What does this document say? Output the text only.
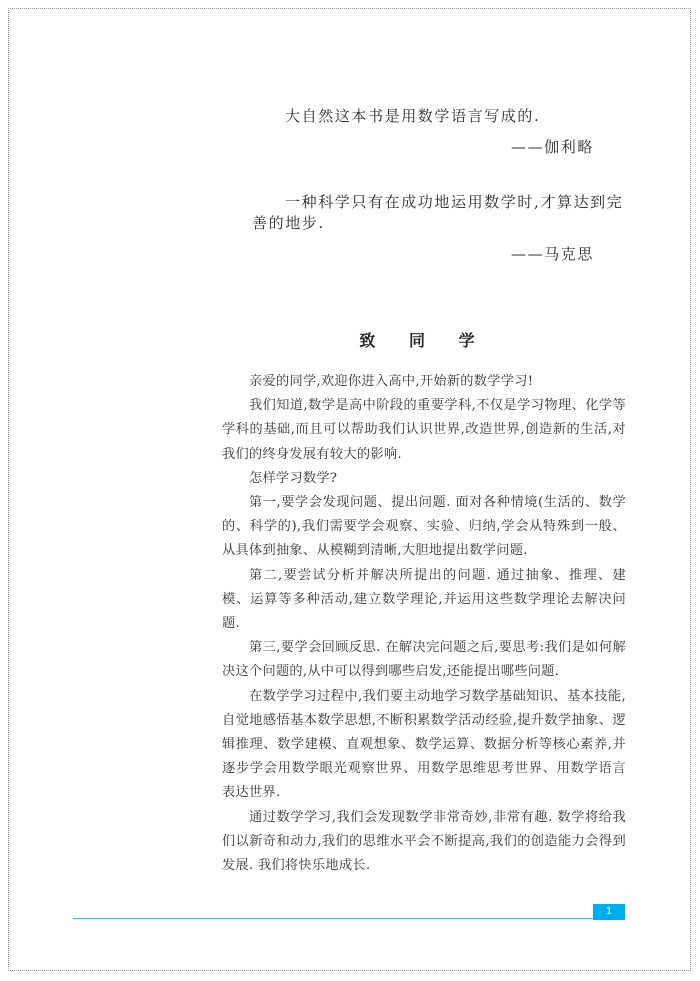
大自然这本书是用数学语言写成的.

——伽利略

一种科学只有在成功地运用数学时,才算达到完善的地步.

——马克思
致 同 学

亲爱的同学,欢迎你进入高中,开始新的数学学习!

我们知道,数学是高中阶段的重要学科,不仅是学习物理、化学等学科的基础,而且可以帮助我们认识世界,改造世界,创造新的生活,对我们的终身发展有较大的影响.

怎样学习数学?

第一,要学会发现问题、提出问题. 面对各种情境(生活的、数学的、科学的),我们需要学会观察、实验、归纳,学会从特殊到一般、从具体到抽象、从模糊到清晰,大胆地提出数学问题.

第二,要尝试分析并解决所提出的问题. 通过抽象、推理、建模、运算等多种活动,建立数学理论,并运用这些数学理论去解决问题.

第三,要学会回顾反思. 在解决完问题之后,要思考:我们是如何解决这个问题的,从中可以得到哪些启发,还能提出哪些问题.

在数学学习过程中,我们要主动地学习数学基础知识、基本技能,自觉地感悟基本数学思想,不断积累数学活动经验,提升数学抽象、逻辑推理、数学建模、直观想象、数学运算、数据分析等核心素养,并逐步学会用数学眼光观察世界、用数学思维思考世界、用数学语言表达世界.

通过数学学习,我们会发现数学非常奇妙,非常有趣. 数学将给我们以新奇和动力,我们的思维水平会不断提高,我们的创造能力会得到发展. 我们将快乐地成长.

1
